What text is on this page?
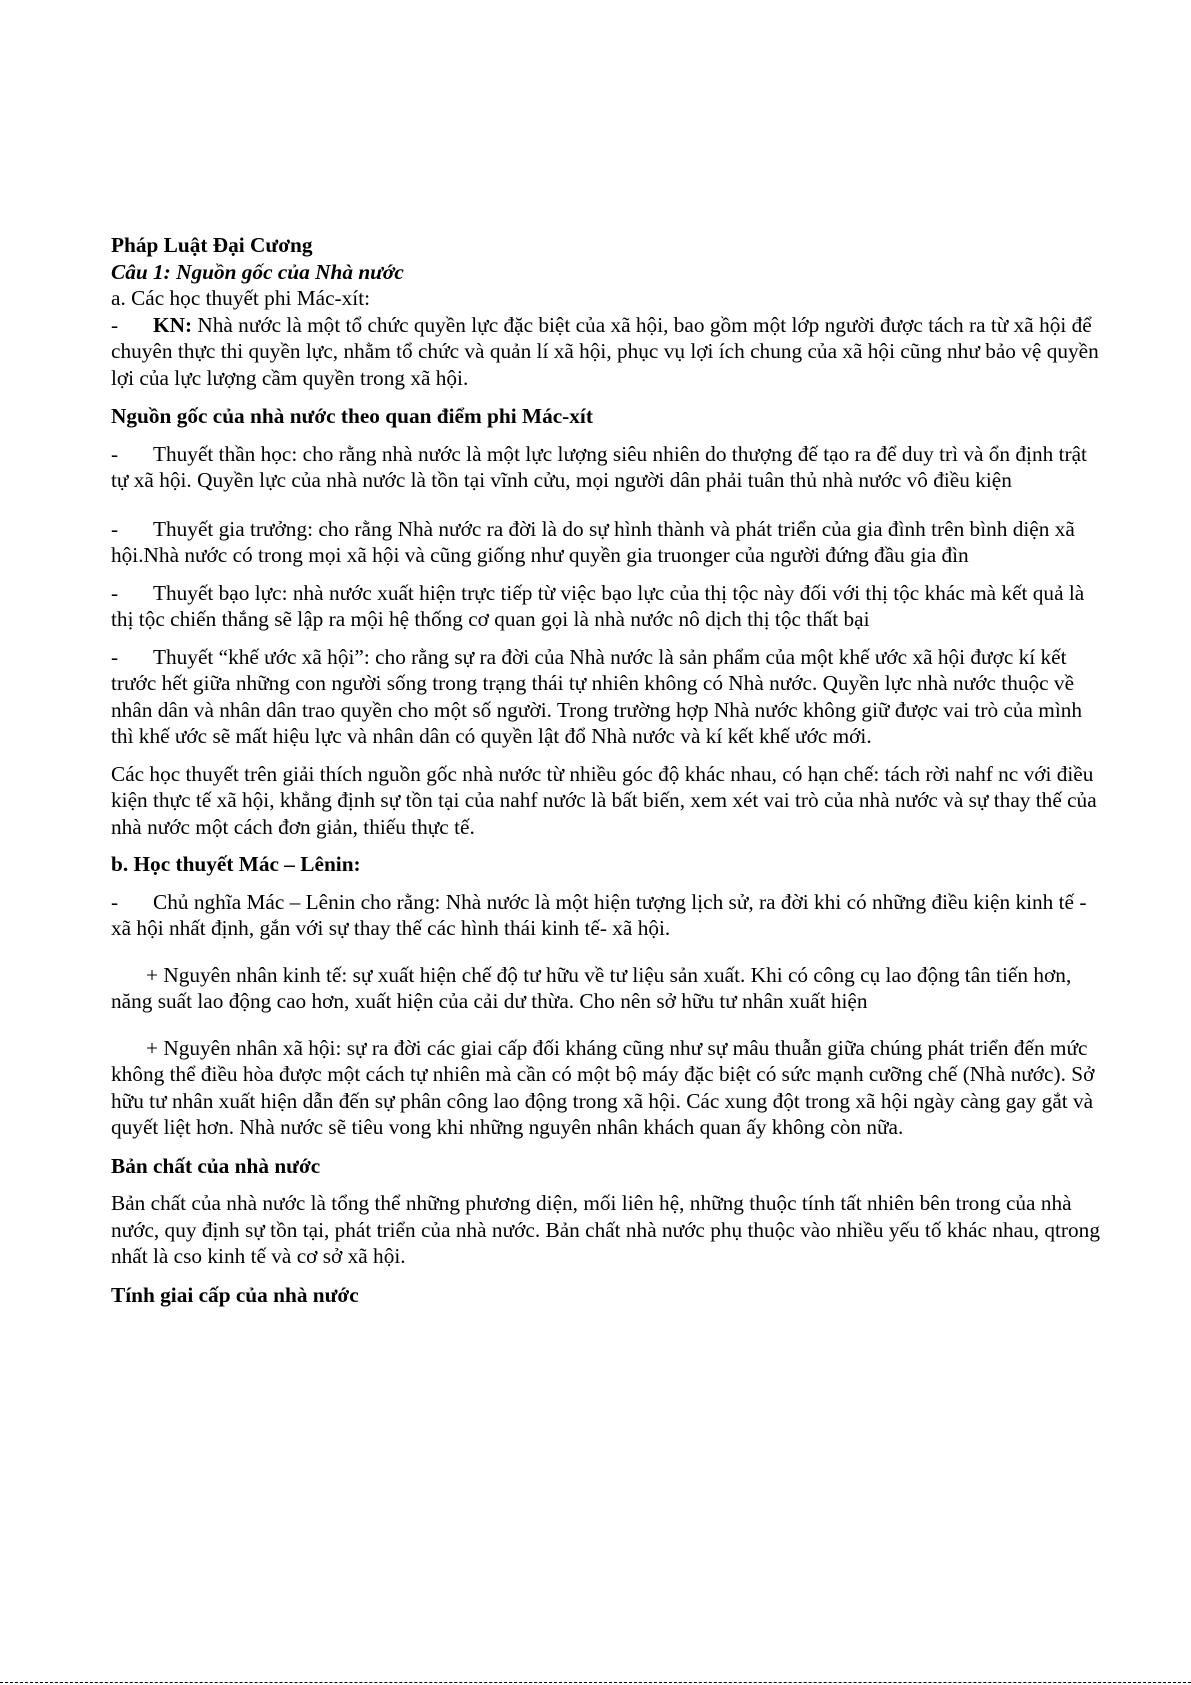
Pháp Luật Đại Cương

Câu 1: Nguồn gốc của Nhà nước

a. Các học thuyết phi Mác-xít:

- KN: Nhà nước là một tổ chức quyền lực đặc biệt của xã hội, bao gồm một lớp người được tách ra từ xã hội để chuyên thực thi quyền lực, nhằm tổ chức và quản lí xã hội, phục vụ lợi ích chung của xã hội cũng như bảo vệ quyền lợi của lực lượng cầm quyền trong xã hội.

Nguồn gốc của nhà nước theo quan điểm phi Mác-xít

- Thuyết thần học: cho rằng nhà nước là một lực lượng siêu nhiên do thượng đế tạo ra để duy trì và ổn định trật tự xã hội. Quyền lực của nhà nước là tồn tại vĩnh cửu, mọi người dân phải tuân thủ nhà nước vô điều kiện

- Thuyết gia trưởng: cho rằng Nhà nước ra đời là do sự hình thành và phát triển của gia đình trên bình diện xã hội.Nhà nước có trong mọi xã hội và cũng giống như quyền gia truonger của người đứng đầu gia đìn

- Thuyết bạo lực: nhà nước xuất hiện trực tiếp từ việc bạo lực của thị tộc này đối với thị tộc khác mà kết quả là thị tộc chiến thắng sẽ lập ra mội hệ thống cơ quan gọi là nhà nước nô dịch thị tộc thất bại

- Thuyết “khế ước xã hội”: cho rằng sự ra đời của Nhà nước là sản phẩm của một khế ước xã hội được kí kết trước hết giữa những con người sống trong trạng thái tự nhiên không có Nhà nước. Quyền lực nhà nước thuộc về nhân dân và nhân dân trao quyền cho một số người. Trong trường hợp Nhà nước không giữ được vai trò của mình thì khế ước sẽ mất hiệu lực và nhân dân có quyền lật đổ Nhà nước và kí kết khế ước mới.

Các học thuyết trên giải thích nguồn gốc nhà nước từ nhiều góc độ khác nhau, có hạn chế: tách rời nahf nc với điều kiện thực tế xã hội, khẳng định sự tồn tại của nahf nước là bất biến, xem xét vai trò của nhà nước và sự thay thế của nhà nước một cách đơn giản, thiếu thực tế.

b. Học thuyết Mác – Lênin:

- Chủ nghĩa Mác – Lênin cho rằng: Nhà nước là một hiện tượng lịch sử, ra đời khi có những điều kiện kinh tế - xã hội nhất định, gắn với sự thay thế các hình thái kinh tế- xã hội.

+ Nguyên nhân kinh tế: sự xuất hiện chế độ tư hữu về tư liệu sản xuất. Khi có công cụ lao động tân tiến hơn, năng suất lao động cao hơn, xuất hiện của cải dư thừa. Cho nên sở hữu tư nhân xuất hiện

+ Nguyên nhân xã hội: sự ra đời các giai cấp đối kháng cũng như sự mâu thuẫn giữa chúng phát triển đến mức không thể điều hòa được một cách tự nhiên mà cần có một bộ máy đặc biệt có sức mạnh cưỡng chế (Nhà nước). Sở hữu tư nhân xuất hiện dẫn đến sự phân công lao động trong xã hội. Các xung đột trong xã hội ngày càng gay gắt và quyết liệt hơn. Nhà nước sẽ tiêu vong khi những nguyên nhân khách quan ấy không còn nữa.

Bản chất của nhà nước

Bản chất của nhà nước là tổng thể những phương diện, mối liên hệ, những thuộc tính tất nhiên bên trong của nhà nước, quy định sự tồn tại, phát triển của nhà nước. Bản chất nhà nước phụ thuộc vào nhiều yếu tố khác nhau, qtrong nhất là cso kinh tế và cơ sở xã hội.

Tính giai cấp của nhà nước
